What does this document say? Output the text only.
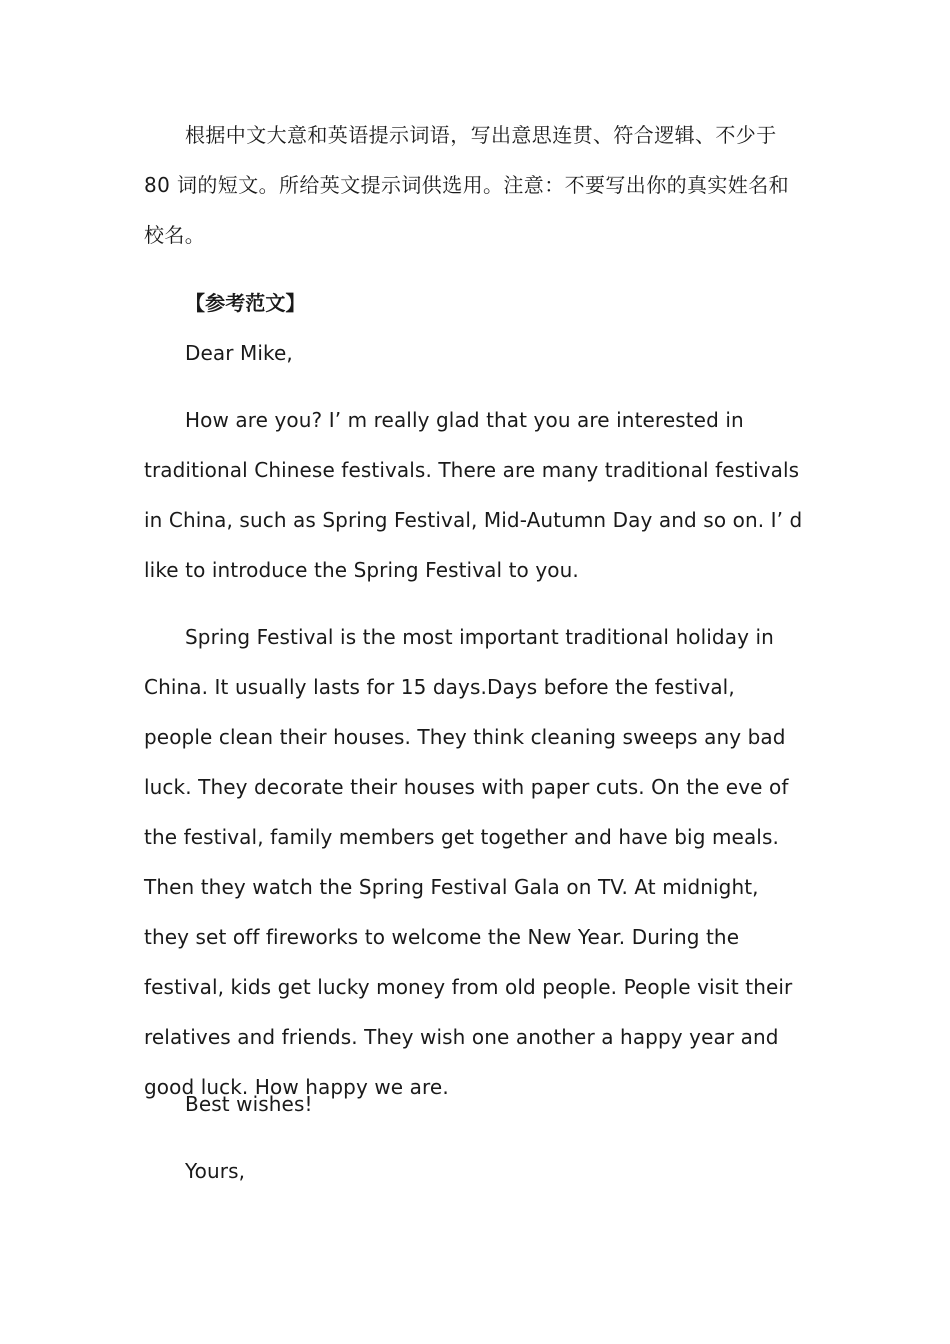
根据中文大意和英语提示词语，写出意思连贯、符合逻辑、不少于 80 词的短文。所给英文提示词供选用。注意：不要写出你的真实姓名和校名。

【参考范文】

Dear Mike,

How are you? I’ m really glad that you are interested in traditional Chinese festivals. There are many traditional festivals in China, such as Spring Festival, Mid-Autumn Day and so on. I’ d like to introduce the Spring Festival to you.

Spring Festival is the most important traditional holiday in China. It usually lasts for 15 days.Days before the festival, people clean their houses. They think cleaning sweeps any bad luck. They decorate their houses with paper cuts. On the eve of the festival, family members get together and have big meals. Then they watch the Spring Festival Gala on TV. At midnight, they set off fireworks to welcome the New Year. During the festival, kids get lucky money from old people. People visit their relatives and friends. They wish one another a happy year and good luck. How happy we are.

Best wishes!

Yours,
